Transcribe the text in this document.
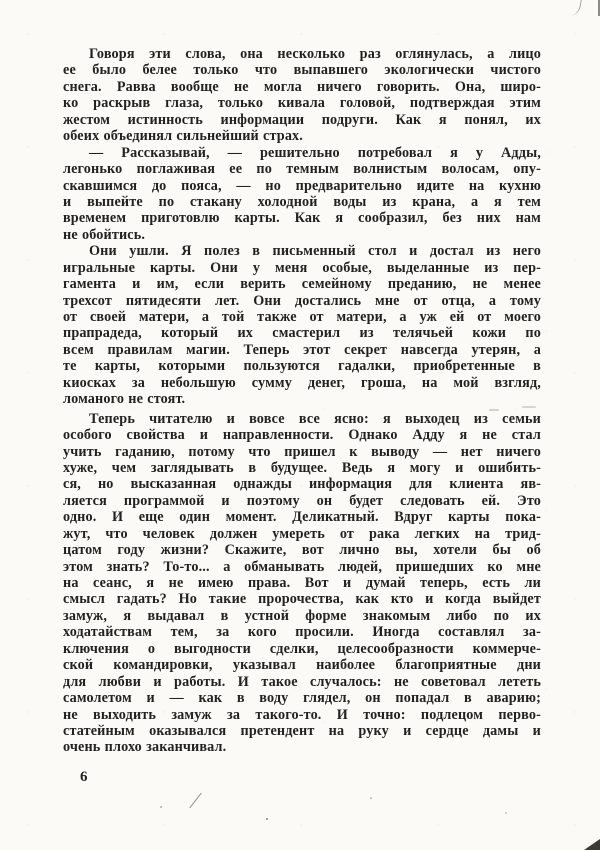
Говоря эти слова, она несколько раз оглянулась, а лицо
ее было белее только что выпавшего экологически чистого
снега. Равва вообще не могла ничего говорить. Она, широ-
ко раскрыв глаза, только кивала головой, подтверждая этим
жестом истинность информации подруги. Как я понял, их
обеих объединял сильнейший страх.
— Рассказывай, — решительно потребовал я у Адды,
легонько поглаживая ее по темным волнистым волосам, опу-
скавшимся до пояса, — но предварительно идите на кухню
и выпейте по стакану холодной воды из крана, а я тем
временем приготовлю карты. Как я сообразил, без них нам
не обойтись.
Они ушли. Я полез в письменный стол и достал из него
игральные карты. Они у меня особые, выделанные из пер-
гамента и им, если верить семейному преданию, не менее
трехсот пятидесяти лет. Они достались мне от отца, а тому
от своей матери, а той также от матери, а уж ей от моего
прапрадеда, который их смастерил из телячьей кожи по
всем правилам магии. Теперь этот секрет навсегда утерян, а
те карты, которыми пользуются гадалки, приобретенные в
киосках за небольшую сумму денег, гроша, на мой взгляд,
ломаного не стоят.
Теперь читателю и вовсе все ясно: я выходец из семьи
особого свойства и направленности. Однако Адду я не стал
учить гаданию, потому что пришел к выводу — нет ничего
хуже, чем заглядывать в будущее. Ведь я могу и ошибить-
ся, но высказанная однажды информация для клиента яв-
ляется программой и поэтому он будет следовать ей. Это
одно. И еще один момент. Деликатный. Вдруг карты пока-
жут, что человек должен умереть от рака легких на трид-
цатом году жизни? Скажите, вот лично вы, хотели бы об
этом знать? То-то... а обманывать людей, пришедших ко мне
на сеанс, я не имею права. Вот и думай теперь, есть ли
смысл гадать? Но такие пророчества, как кто и когда выйдет
замуж, я выдавал в устной форме знакомым либо по их
ходатайствам тем, за кого просили. Иногда составлял за-
ключения о выгодности сделки, целесообразности коммерче-
ской командировки, указывал наиболее благоприятные дни
для любви и работы. И такое случалось: не советовал лететь
самолетом и — как в воду глядел, он попадал в аварию;
не выходить замуж за такого-то. И точно: подлецом перво-
статейным оказывался претендент на руку и сердце дамы и
очень плохо заканчивал.
6
